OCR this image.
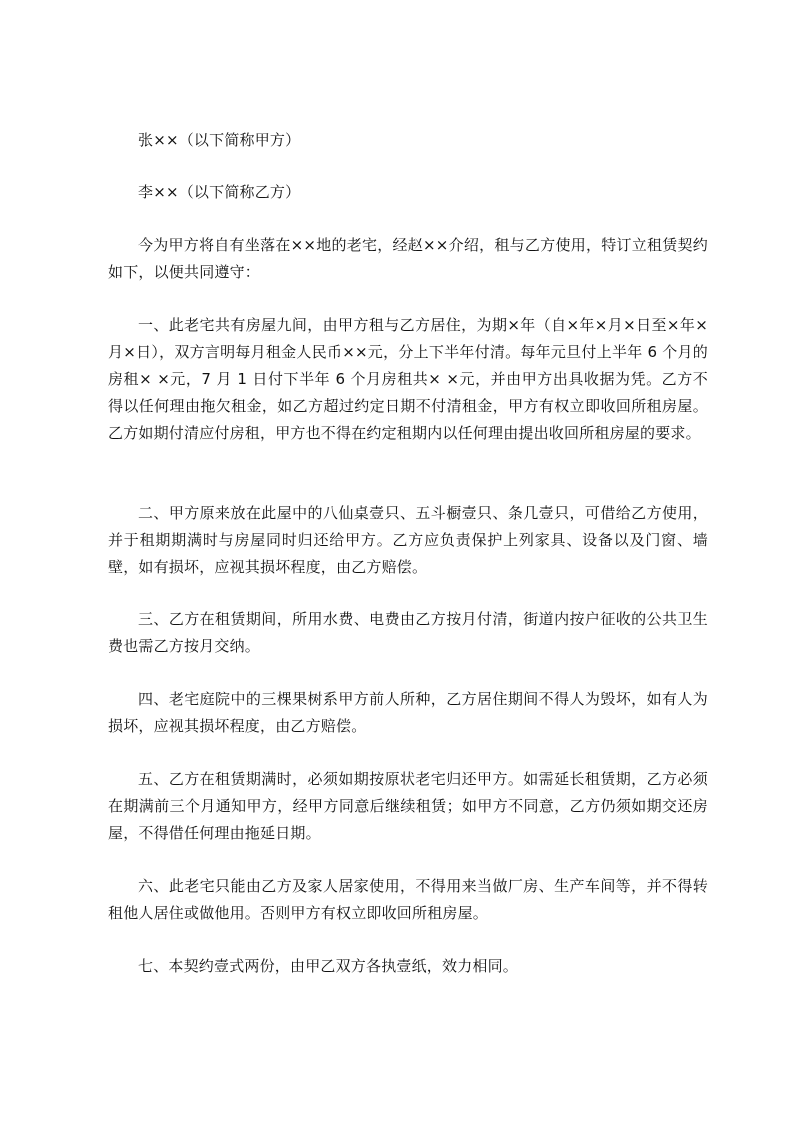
张××（以下简称甲方）

李××（以下简称乙方）

今为甲方将自有坐落在××地的老宅，经赵××介绍，租与乙方使用，特订立租赁契约如下，以便共同遵守：

一、此老宅共有房屋九间，由甲方租与乙方居住，为期×年（自×年×月×日至×年×月×日），双方言明每月租金人民币××元，分上下半年付清。每年元旦付上半年 6 个月的房租× ×元，7 月 1 日付下半年 6 个月房租共× ×元，并由甲方出具收据为凭。乙方不得以任何理由拖欠租金，如乙方超过约定日期不付清租金，甲方有权立即收回所租房屋。乙方如期付清应付房租，甲方也不得在约定租期内以任何理由提出收回所租房屋的要求。

二、甲方原来放在此屋中的八仙桌壹只、五斗橱壹只、条几壹只，可借给乙方使用，并于租期期满时与房屋同时归还给甲方。乙方应负责保护上列家具、设备以及门窗、墙壁，如有损坏，应视其损坏程度，由乙方赔偿。

三、乙方在租赁期间，所用水费、电费由乙方按月付清，街道内按户征收的公共卫生费也需乙方按月交纳。

四、老宅庭院中的三棵果树系甲方前人所种，乙方居住期间不得人为毁坏，如有人为损坏，应视其损坏程度，由乙方赔偿。

五、乙方在租赁期满时，必须如期按原状老宅归还甲方。如需延长租赁期，乙方必须在期满前三个月通知甲方，经甲方同意后继续租赁；如甲方不同意，乙方仍须如期交还房屋，不得借任何理由拖延日期。

六、此老宅只能由乙方及家人居家使用，不得用来当做厂房、生产车间等，并不得转租他人居住或做他用。否则甲方有权立即收回所租房屋。

七、本契约壹式两份，由甲乙双方各执壹纸，效力相同。
